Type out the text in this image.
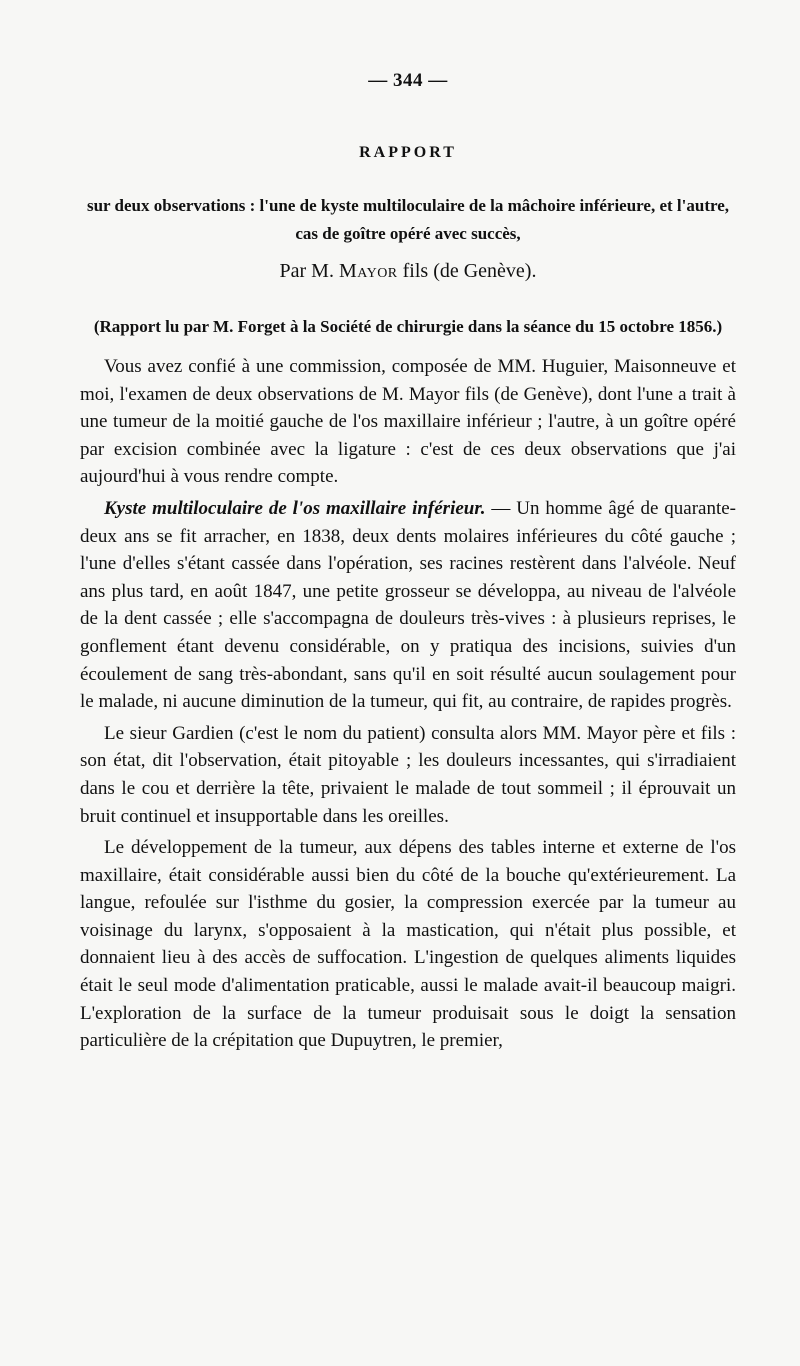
— 344 —
RAPPORT
sur deux observations : l'une de kyste multiloculaire de la mâchoire inférieure, et l'autre, cas de goître opéré avec succès,
Par M. Mayor fils (de Genève).
(Rapport lu par M. Forget à la Société de chirurgie dans la séance du 15 octobre 1856.)

Vous avez confié à une commission, composée de MM. Huguier, Maisonneuve et moi, l'examen de deux observations de M. Mayor fils (de Genève), dont l'une a trait à une tumeur de la moitié gauche de l'os maxillaire inférieur ; l'autre, à un goître opéré par excision combinée avec la ligature : c'est de ces deux observations que j'ai aujourd'hui à vous rendre compte.

Kyste multiloculaire de l'os maxillaire inférieur. — Un homme âgé de quarante-deux ans se fit arracher, en 1838, deux dents molaires inférieures du côté gauche ; l'une d'elles s'étant cassée dans l'opération, ses racines restèrent dans l'alvéole. Neuf ans plus tard, en août 1847, une petite grosseur se développa, au niveau de l'alvéole de la dent cassée ; elle s'accompagna de douleurs très-vives : à plusieurs reprises, le gonflement étant devenu considérable, on y pratiqua des incisions, suivies d'un écoulement de sang très-abondant, sans qu'il en soit résulté aucun soulagement pour le malade, ni aucune diminution de la tumeur, qui fit, au contraire, de rapides progrès.

Le sieur Gardien (c'est le nom du patient) consulta alors MM. Mayor père et fils : son état, dit l'observation, était pitoyable ; les douleurs incessantes, qui s'irradiaient dans le cou et derrière la tête, privaient le malade de tout sommeil ; il éprouvait un bruit continuel et insupportable dans les oreilles.

Le développement de la tumeur, aux dépens des tables interne et externe de l'os maxillaire, était considérable aussi bien du côté de la bouche qu'extérieurement. La langue, refoulée sur l'isthme du gosier, la compression exercée par la tumeur au voisinage du larynx, s'opposaient à la mastication, qui n'était plus possible, et donnaient lieu à des accès de suffocation. L'ingestion de quelques aliments liquides était le seul mode d'alimentation praticable, aussi le malade avait-il beaucoup maigri. L'exploration de la surface de la tumeur produisait sous le doigt la sensation particulière de la crépitation que Dupuytren, le premier,
